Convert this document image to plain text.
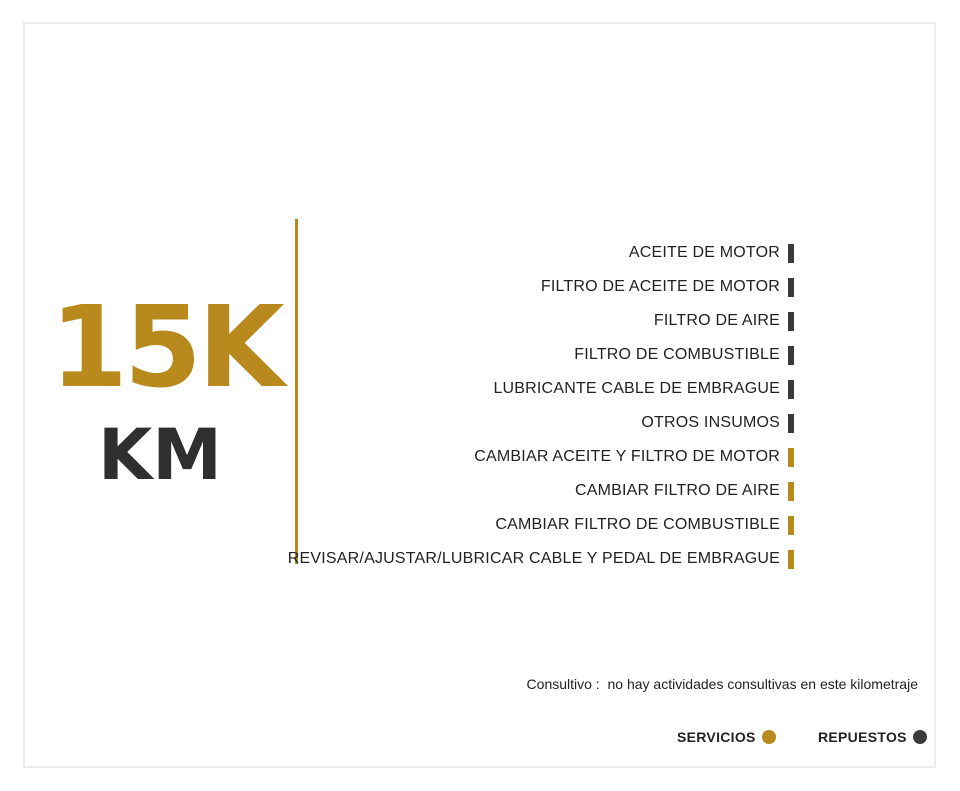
15K
KM
ACEITE DE MOTOR
FILTRO DE ACEITE DE MOTOR
FILTRO DE AIRE
FILTRO DE COMBUSTIBLE
LUBRICANTE CABLE DE EMBRAGUE
OTROS INSUMOS
CAMBIAR ACEITE Y FILTRO DE MOTOR
CAMBIAR FILTRO DE AIRE
CAMBIAR FILTRO DE COMBUSTIBLE
REVISAR/AJUSTAR/LUBRICAR CABLE Y PEDAL DE EMBRAGUE
Consultivo : no hay actividades consultivas en este kilometraje
SERVICIOS	REPUESTOS
